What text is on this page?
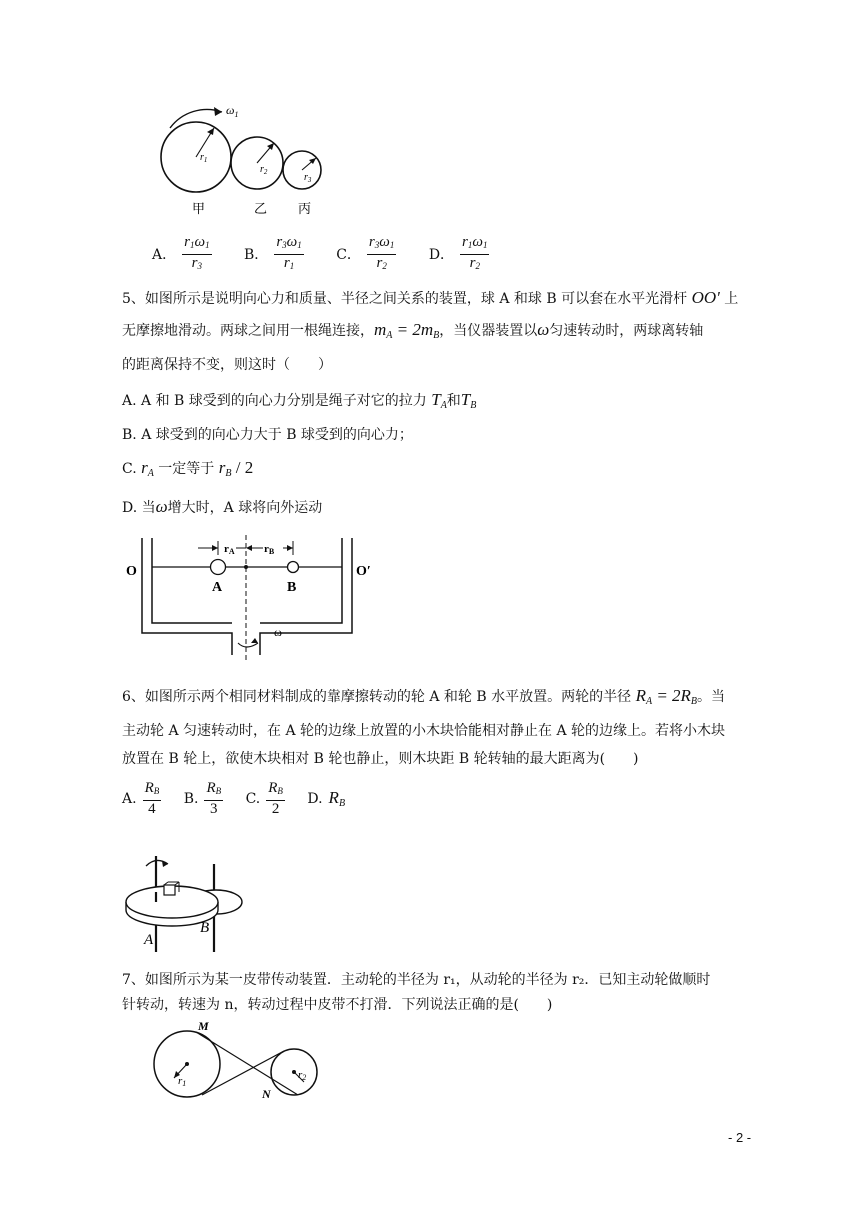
$\omega_1$
$r_1$
$r_2$	$r_3$
甲	乙 丙
A． $\frac{r_1\omega_1}{r_3}$ B． $\frac{r_3\omega_1}{r_1}$ C． $\frac{r_3\omega_1}{r_2}$ D． $\frac{r_1\omega_1}{r_2}$
5、如图所示是说明向心力和质量、半径之间关系的装置，球 A 和球 B 可以套在水平光滑杆 OO' 上
无摩擦地滑动。两球之间用一根绳连接，$m_A = 2m_B$，当仪器装置以ω匀速转动时，两球离转轴
的距离保持不变，则这时（　　）
A. A 和 B 球受到的向心力分别是绳子对它的拉力 $T_A$和$T_B$
B. A 球受到的向心力大于 B 球受到的向心力；
C. $r_A$ 一定等于 $r_B / 2$
D. 当ω增大时，A 球将向外运动
O	O′
A	B
rA	rB
ω
6、如图所示两个相同材料制成的靠摩擦转动的轮 A 和轮 B 水平放置。两轮的半径 $R_A = 2R_B$。当
主动轮 A 匀速转动时，在 A 轮的边缘上放置的小木块恰能相对静止在 A 轮的边缘上。若将小木块
放置在 B 轮上，欲使木块相对 B 轮也静止，则木块距 B 轮转轴的最大距离为(　　)
A. $\frac{R_B}{4} B$. $\frac{R_B}{3} C$. $\frac{R_B}{2} D$. $R_B$
A
B
7、如图所示为某一皮带传动装置．主动轮的半径为 r₁，从动轮的半径为 r₂．已知主动轮做顺时
针转动，转速为 n，转动过程中皮带不打滑．下列说法正确的是(　　)
r1
r2
M
N
- 2 -
